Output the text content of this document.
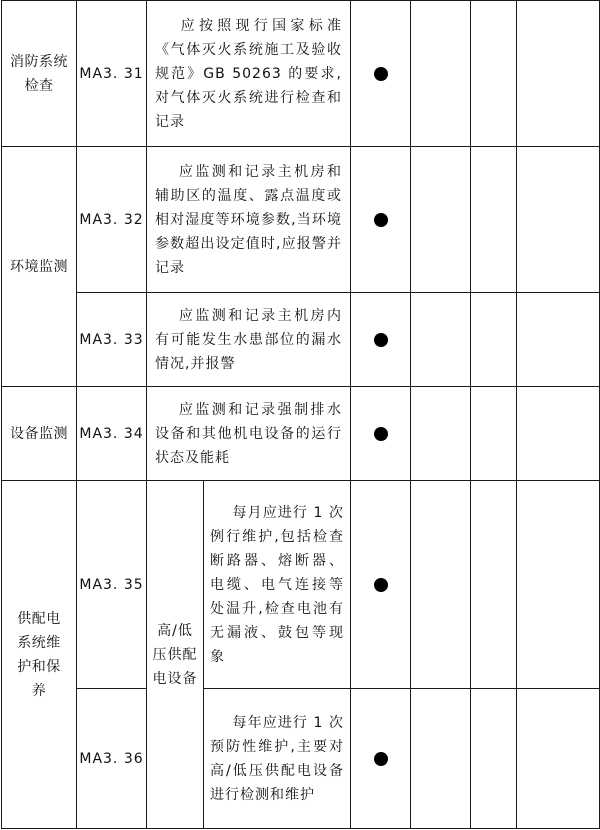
消防系统检查	MA3. 31	应按照现行国家标准《气体灭火系统施工及验收规范》GB 50263 的要求,对气体灭火系统进行检查和记录					
环境监测	MA3. 32	应监测和记录主机房和辅助区的温度、露点温度或相对湿度等环境参数,当环境参数超出设定值时,应报警并记录					
	MA3. 33	应监测和记录主机房内有可能发生水患部位的漏水情况,并报警					
设备监测	MA3. 34	应监测和记录强制排水设备和其他机电设备的运行状态及能耗					
供配电系统维护和保养	MA3. 35	高/低压供配电设备	每月应进行 1 次例行维护,包括检查断路器、熔断器、电缆、电气连接等处温升,检查电池有无漏液、鼓包等现象				
	MA3. 36		每年应进行 1 次预防性维护,主要对高/低压供配电设备进行检测和维护				
